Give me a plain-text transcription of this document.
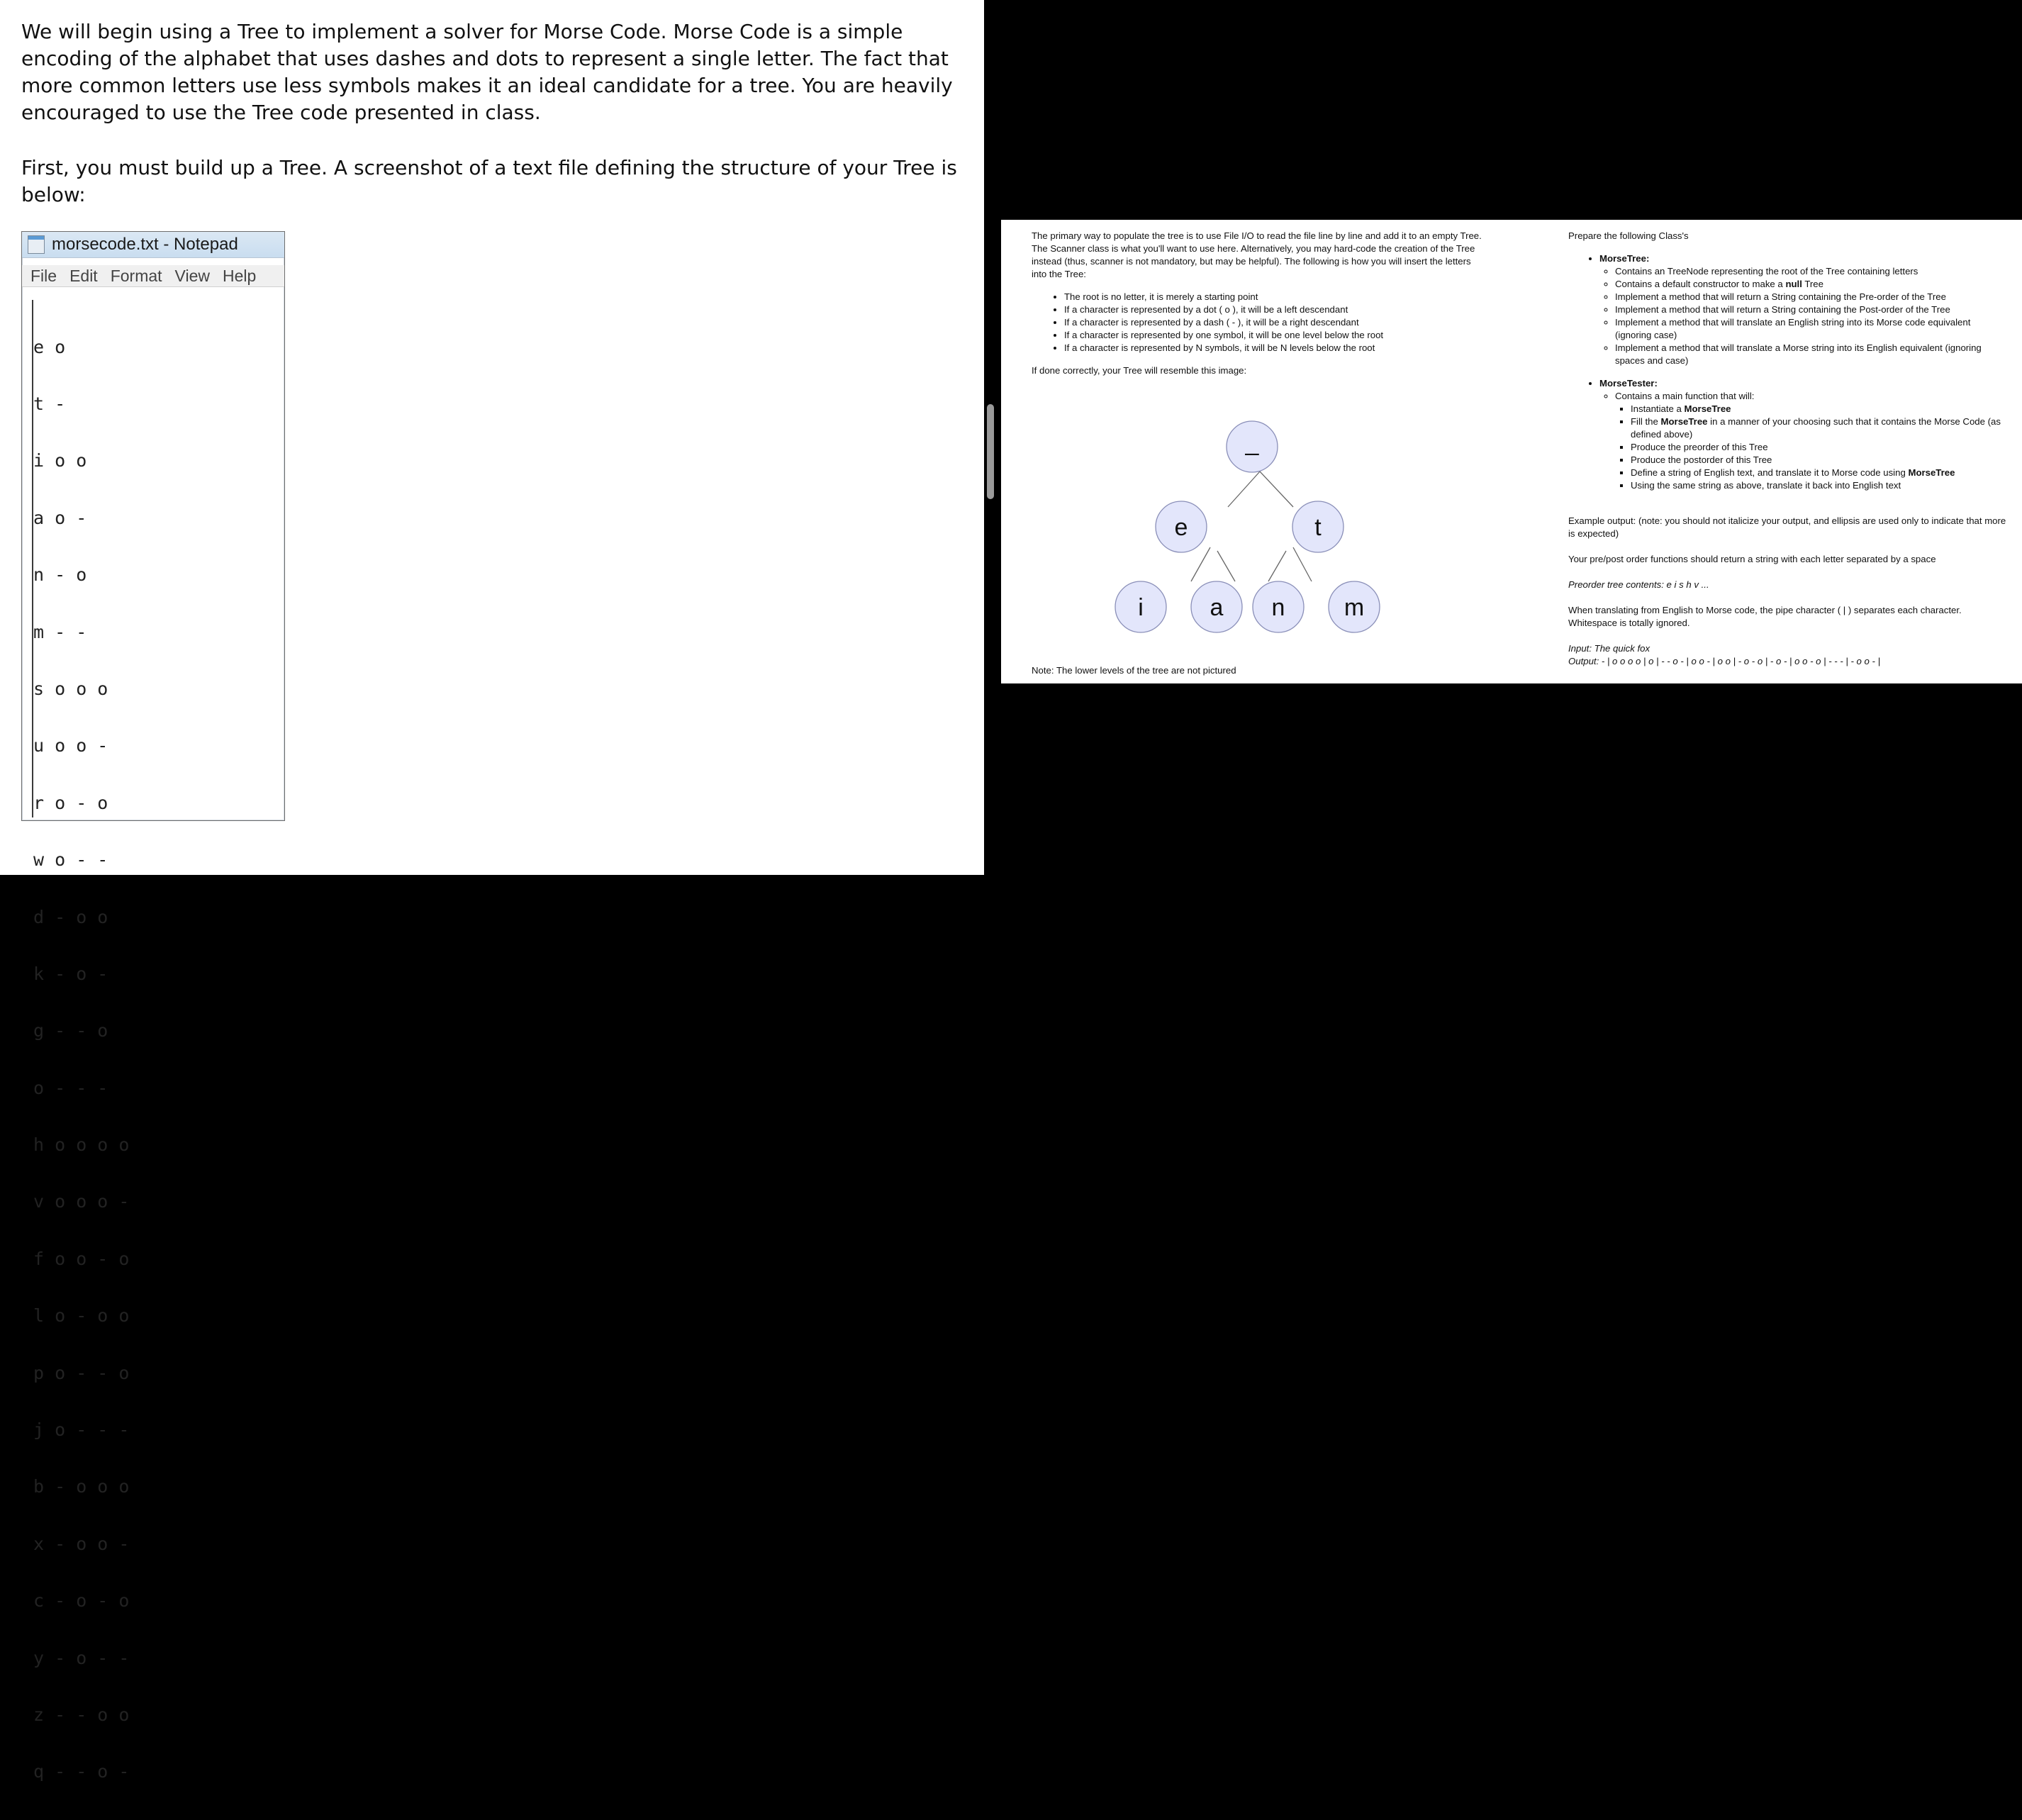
We will begin using a Tree to implement a solver for Morse Code. Morse Code is a simple encoding of the alphabet that uses dashes and dots to represent a single letter. The fact that more common letters use less symbols makes it an ideal candidate for a tree. You are heavily encouraged to use the Tree code presented in class.

First, you must build up a Tree. A screenshot of a text file defining the structure of your Tree is below:

morsecode.txt - Notepad
File Edit Format View Help

e o

t -

i o o

a o -

n - o

m - -

s o o o

u o o -

r o - o

w o - -

d - o o

k - o -

g - - o

o - - -

h o o o o

v o o o -

f o o - o

l o - o o

p o - - o

j o - - -

b - o o o

x - o o -

c - o - o

y - o - -

z - - o o

q - - o -

The primary way to populate the tree is to use File I/O to read the file line by line and add it to an empty Tree. The Scanner class is what you'll want to use here. Alternatively, you may hard-code the creation of the Tree instead (thus, scanner is not mandatory, but may be helpful). The following is how you will insert the letters into the Tree:

• The root is no letter, it is merely a starting point
• If a character is represented by a dot ( o ), it will be a left descendant
• If a character is represented by a dash ( - ), it will be a right descendant
• If a character is represented by one symbol, it will be one level below the root
• If a character is represented by N symbols, it will be N levels below the root

If done correctly, your Tree will resemble this image:

_
e	t
i	a n m
Note: The lower levels of the tree are not pictured

Prepare the following Class's

• MorseTree:
◦ Contains an TreeNode representing the root of the Tree containing letters
◦ Contains a default constructor to make a null Tree
◦ Implement a method that will return a String containing the Pre-order of the Tree
◦ Implement a method that will return a String containing the Post-order of the Tree
◦ Implement a method that will translate an English string into its Morse code equivalent (ignoring case)
◦ Implement a method that will translate a Morse string into its English equivalent (ignoring spaces and case)
• MorseTester:
◦ Contains a main function that will:
▪ Instantiate a MorseTree
▪ Fill the MorseTree in a manner of your choosing such that it contains the Morse Code (as defined above)
▪ Produce the preorder of this Tree
▪ Produce the postorder of this Tree
▪ Define a string of English text, and translate it to Morse code using MorseTree
▪ Using the same string as above, translate it back into English text

Example output: (note: you should not italicize your output, and ellipsis are used only to indicate that more is expected)

Your pre/post order functions should return a string with each letter separated by a space

Preorder tree contents: e i s h v ...

When translating from English to Morse code, the pipe character ( | ) separates each character. Whitespace is totally ignored.

Input: The quick fox

Output: - | o o o o | o | - - o - | o o - | o o | - o - o | - o - | o o - o | - - - | - o o - |
